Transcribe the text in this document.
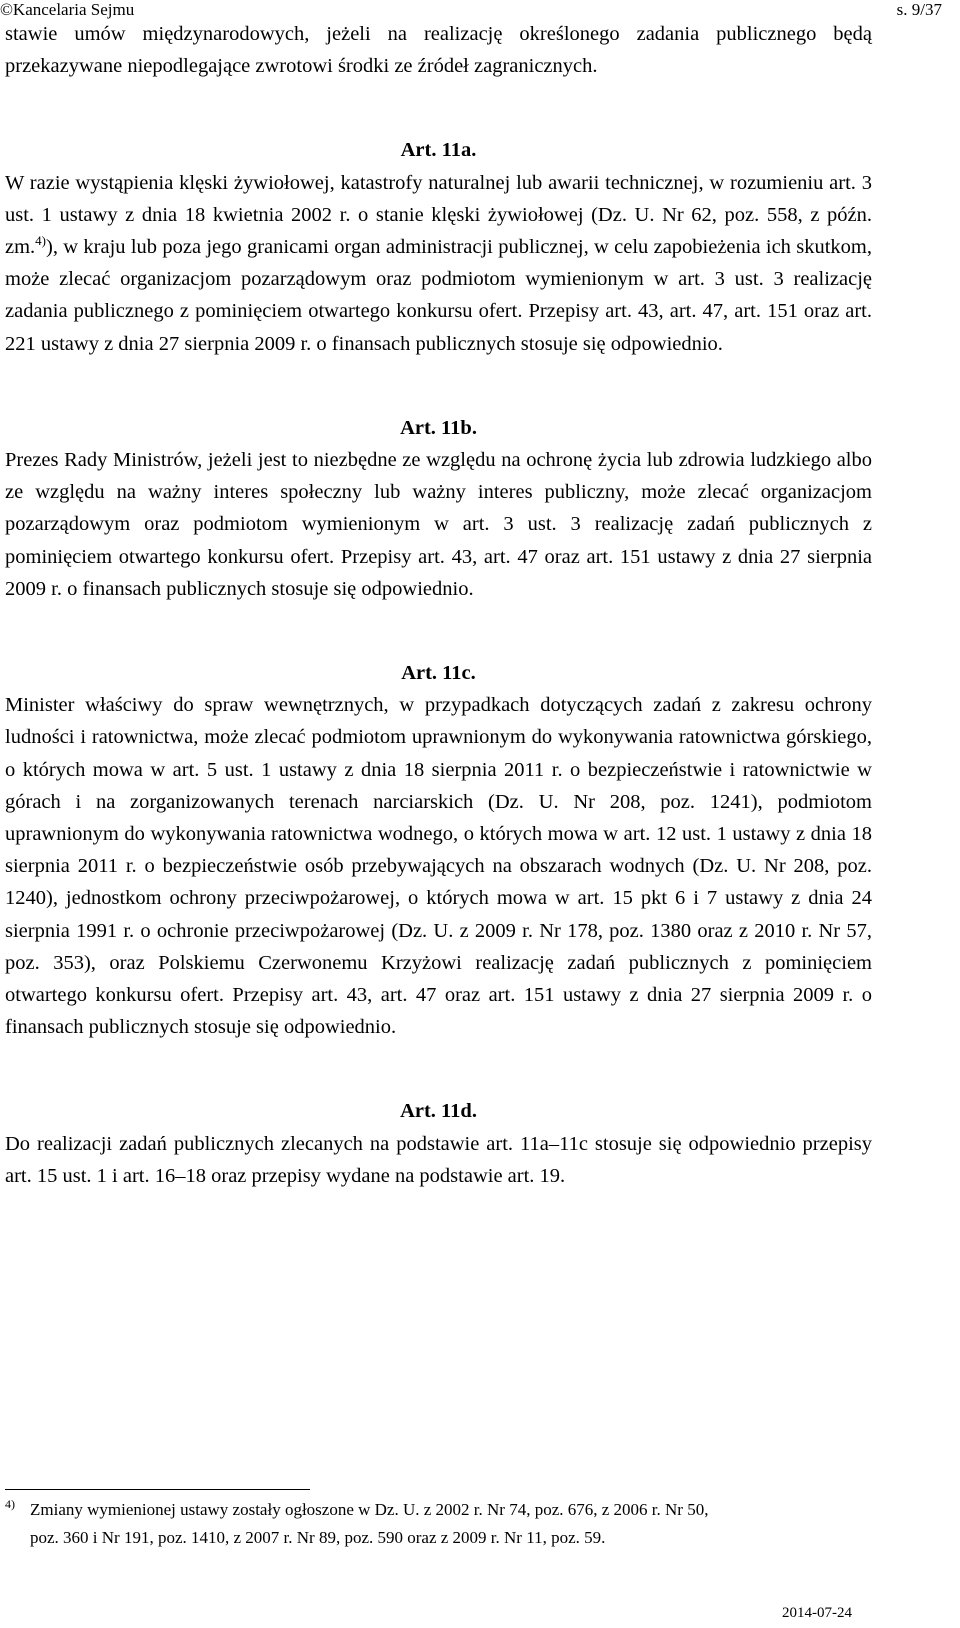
©Kancelaria Sejmu	s. 9/37

stawie umów międzynarodowych, jeżeli na realizację określonego zadania publicznego będą przekazywane niepodlegające zwrotowi środki ze źródeł zagranicznych.

Art. 11a.

W razie wystąpienia klęski żywiołowej, katastrofy naturalnej lub awarii technicznej, w rozumieniu art. 3 ust. 1 ustawy z dnia 18 kwietnia 2002 r. o stanie klęski żywiołowej (Dz. U. Nr 62, poz. 558, z późn. zm.$^{4)}$), w kraju lub poza jego granicami organ administracji publicznej, w celu zapobieżenia ich skutkom, może zlecać organizacjom pozarządowym oraz podmiotom wymienionym w art. 3 ust. 3 realizację zadania publicznego z pominięciem otwartego konkursu ofert. Przepisy art. 43, art. 47, art. 151 oraz art. 221 ustawy z dnia 27 sierpnia 2009 r. o finansach publicznych stosuje się odpowiednio.

Art. 11b.

Prezes Rady Ministrów, jeżeli jest to niezbędne ze względu na ochronę życia lub zdrowia ludzkiego albo ze względu na ważny interes społeczny lub ważny interes publiczny, może zlecać organizacjom pozarządowym oraz podmiotom wymienionym w art. 3 ust. 3 realizację zadań publicznych z pominięciem otwartego konkursu ofert. Przepisy art. 43, art. 47 oraz art. 151 ustawy z dnia 27 sierpnia 2009 r. o finansach publicznych stosuje się odpowiednio.

Art. 11c.

Minister właściwy do spraw wewnętrznych, w przypadkach dotyczących zadań z zakresu ochrony ludności i ratownictwa, może zlecać podmiotom uprawnionym do wykonywania ratownictwa górskiego, o których mowa w art. 5 ust. 1 ustawy z dnia 18 sierpnia 2011 r. o bezpieczeństwie i ratownictwie w górach i na zorganizowanych terenach narciarskich (Dz. U. Nr 208, poz. 1241), podmiotom uprawnionym do wykonywania ratownictwa wodnego, o których mowa w art. 12 ust. 1 ustawy z dnia 18 sierpnia 2011 r. o bezpieczeństwie osób przebywających na obszarach wodnych (Dz. U. Nr 208, poz. 1240), jednostkom ochrony przeciwpożarowej, o których mowa w art. 15 pkt 6 i 7 ustawy z dnia 24 sierpnia 1991 r. o ochronie przeciwpożarowej (Dz. U. z 2009 r. Nr 178, poz. 1380 oraz z 2010 r. Nr 57, poz. 353), oraz Polskiemu Czerwonemu Krzyżowi realizację zadań publicznych z pominięciem otwartego konkursu ofert. Przepisy art. 43, art. 47 oraz art. 151 ustawy z dnia 27 sierpnia 2009 r. o finansach publicznych stosuje się odpowiednio.

Art. 11d.

Do realizacji zadań publicznych zlecanych na podstawie art. 11a–11c stosuje się odpowiednio przepisy art. 15 ust. 1 i art. 16–18 oraz przepisy wydane na podstawie art. 19.

4) Zmiany wymienionej ustawy zostały ogłoszone w Dz. U. z 2002 r. Nr 74, poz. 676, z 2006 r. Nr 50,
poz. 360 i Nr 191, poz. 1410, z 2007 r. Nr 89, poz. 590 oraz z 2009 r. Nr 11, poz. 59.

2014-07-24
